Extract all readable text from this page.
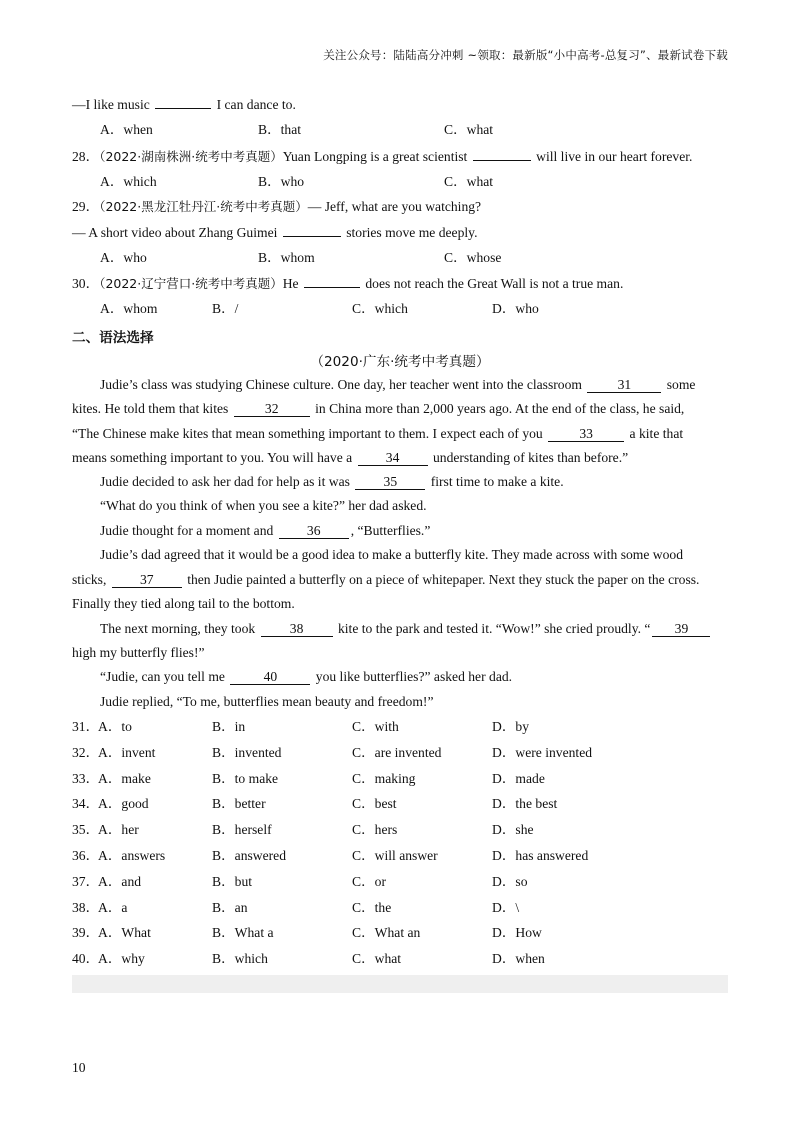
关注公众号：陆陆高分冲刺 ~领取：最新版“小中高考-总复习”、最新试卷下载
—I like music	I can dance to.
A．when	B．that	C．what
28．（2022·湖南株洲·统考中考真题）Yuan Longping is a great scientist	will live in our heart forever.
A．which	B．who	C．what
29．（2022·黑龙江牡丹江·统考中考真题）— Jeff, what are you watching?
— A short video about Zhang Guimei	stories move me deeply.
A．who	B．whom	C．whose
30．（2022·辽宁营口·统考中考真题）He	does not reach the Great Wall is not a true man.
A．whom	B．/	C．which	D．who
二、语法选择
（2020·广东·统考中考真题）
Judie’s class was studying Chinese culture. One day, her teacher went into the classroom	31	some
kites. He told them that kites	32	in China more than 2,000 years ago. At the end of the class, he said,
“The Chinese make kites that mean something important to them. I expect each of you	33	a kite that
means something important to you. You will have a 34 understanding of kites than before.”
Judie decided to ask her dad for help as it was 35 first time to make a kite.
“What do you think of when you see a kite?” her dad asked.
Judie thought for a moment and 36 , “Butterflies.”
Judie’s dad agreed that it would be a good idea to make a butterfly kite. They made across with some wood
sticks, 37 then Judie painted a butterfly on a piece of whitepaper. Next they stuck the paper on the cross.
Finally they tied along tail to the bottom.
The next morning, they took	38	kite to the park and tested it. “Wow!” she cried proudly. “ 39
high my butterfly flies!”
“Judie, can you tell me	40	you like butterflies?” asked her dad.
Judie replied, “To me, butterflies mean beauty and freedom!”
31．
A．to	B．in	C．with	D．by
32．
A．invent	B．invented	C．are invented	D．were invented
33．
A．make	B．to make	C．making	D．made
34．
A．good	B．better	C．best	D．the best
35．
A．her	B．herself	C．hers	D．she
36．
A．answers	B．answered	C．will answer	D．has answered
37．
A．and	B．but	C．or	D．so
38．
A．a	B．an	C．the	D．\
39．
A．What	B．What a	C．What an	D．How
40．
A．why	B．which	C．what	D．when
10
